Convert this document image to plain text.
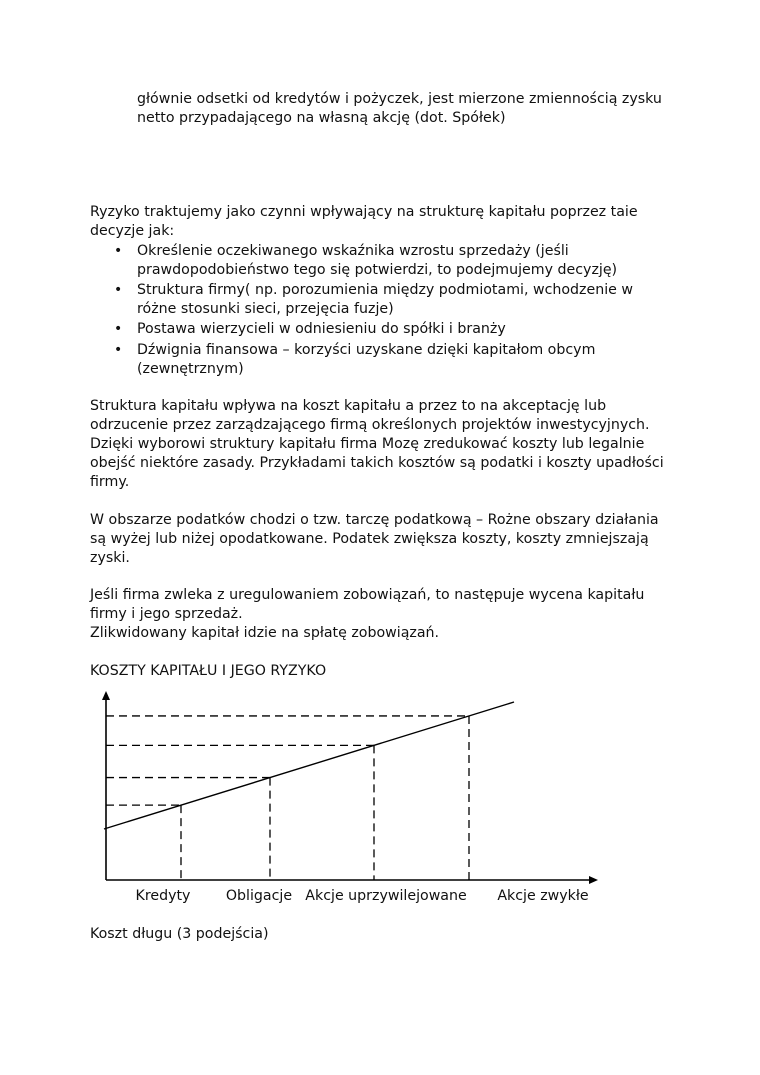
głównie odsetki od kredytów i pożyczek, jest mierzone zmiennością zysku
netto przypadającego na własną akcję (dot. Spółek)
Ryzyko traktujemy jako czynni wpływający na strukturę kapitału poprzez taie
decyzje jak:
• Określenie oczekiwanego wskaźnika wzrostu sprzedaży (jeśli
prawdopodobieństwo tego się potwierdzi, to podejmujemy decyzję)
• Struktura firmy( np. porozumienia między podmiotami, wchodzenie w
różne stosunki sieci, przejęcia fuzje)
• Postawa wierzycieli w odniesieniu do spółki i branży
• Dźwignia finansowa – korzyści uzyskane dzięki kapitałom obcym
(zewnętrznym)
Struktura kapitału wpływa na koszt kapitału a przez to na akceptację lub
odrzucenie przez zarządzającego firmą określonych projektów inwestycyjnych.
Dzięki wyborowi struktury kapitału firma Mozę zredukować koszty lub legalnie
obejść niektóre zasady. Przykładami takich kosztów są podatki i koszty upadłości
firmy.
W obszarze podatków chodzi o tzw. tarczę podatkową – Rożne obszary działania
są wyżej lub niżej opodatkowane. Podatek zwiększa koszty, koszty zmniejszają
zyski.
Jeśli firma zwleka z uregulowaniem zobowiązań, to następuje wycena kapitału
firmy i jego sprzedaż.
Zlikwidowany kapitał idzie na spłatę zobowiązań.
KOSZTY KAPITAŁU I JEGO RYZYKO
Kredyty Obligacje Akcje uprzywilejowane Akcje zwykłe
Koszt długu (3 podejścia)
